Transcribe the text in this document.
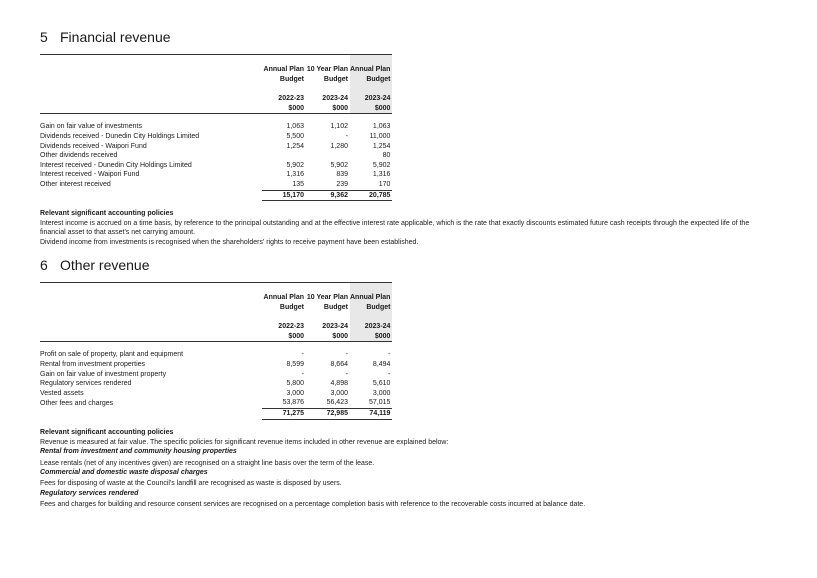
5 Financial revenue

	Annual Plan	10 Year Plan	Annual Plan
	Budget	Budget	Budget

	2022-23	2023-24	2023-24
	$000	$000	$000

Gain on fair value of investments	1,063	1,102	1,063
Dividends received - Dunedin City Holdings Limited	5,500	-	11,000
Dividends received - Waipori Fund	1,254	1,280	1,254
Other dividends received			80
Interest received - Dunedin City Holdings Limited	5,902	5,902	5,902
Interest received - Waipori Fund	1,316	839	1,316
Other interest received	135	239	170
	15,170	9,362	20,785

Relevant significant accounting policies

Interest income is accrued on a time basis, by reference to the principal outstanding and at the effective interest rate applicable, which is the rate that exactly discounts estimated future cash receipts through the expected life of the financial asset to that asset's net carrying amount.

Dividend income from investments is recognised when the shareholders' rights to receive payment have been established.

6 Other revenue

	Annual Plan	10 Year Plan	Annual Plan
	Budget	Budget	Budget

	2022-23	2023-24	2023-24
	$000	$000	$000

Profit on sale of property, plant and equipment	-	-	-
Rental from investment properties	8,599	8,664	8,494
Gain on fair value of investment property	-	-	-
Regulatory services rendered	5,800	4,898	5,610
Vested assets	3,000	3,000	3,000
Other fees and charges	53,876	56,423	57,015
	71,275	72,985	74,119

Relevant significant accounting policies

Revenue is measured at fair value. The specific policies for significant revenue items included in other revenue are explained below:

Rental from investment and community housing properties

Lease rentals (net of any incentives given) are recognised on a straight line basis over the term of the lease.

Commercial and domestic waste disposal charges

Fees for disposing of waste at the Council's landfill are recognised as waste is disposed by users.

Regulatory services rendered

Fees and charges for building and resource consent services are recognised on a percentage completion basis with reference to the recoverable costs incurred at balance date.
